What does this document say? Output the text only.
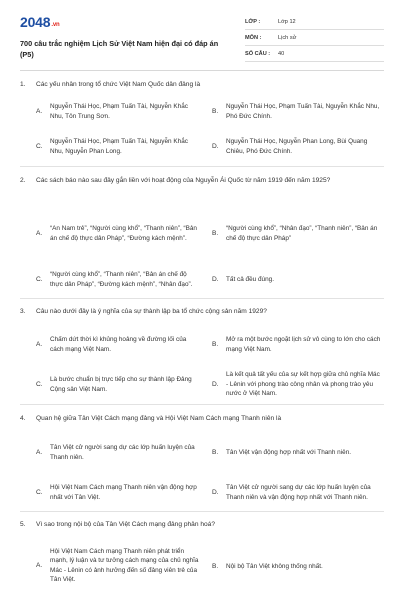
2048.vn
700 câu trắc nghiệm Lịch Sử Việt Nam hiện đại có đáp án (P5)
LỚP :	Lớp 12
MÔN :	Lịch sử
SỐ CÂU :	40
1.	Các yếu nhân trong tổ chức Việt Nam Quốc dân đảng là
A.
Nguyễn Thái Học, Phạm Tuấn Tài, Nguyễn Khắc Nhu, Tôn Trung Sơn.
B.
Nguyễn Thái Học, Phạm Tuấn Tài, Nguyễn Khắc Nhu, Phó Đức Chính.
C.
Nguyễn Thái Học, Phạm Tuấn Tài, Nguyễn Khắc Nhu, Nguyễn Phan Long.
D.
Nguyễn Thái Học, Nguyễn Phan Long, Bùi Quang Chiêu, Phó Đức Chính.
2.	Các sách báo nào sau đây gắn liền với hoạt động của Nguyễn Ái Quốc từ năm 1919 đến năm 1925?
A.
“An Nam trẻ”, “Người cùng khổ”, “Thanh niên”, “Bản án chế độ thực dân Pháp”, “Đường kách mệnh”.
B.
“Người cùng khổ”, “Nhân đạo”, “Thanh niên”, “Bản án chế độ thực dân Pháp”
C.
“Người cùng khổ”, “Thanh niên”, “Bản án chế độ thực dân Pháp”, “Đường kách mệnh”, “Nhân đạo”.
D.	Tất cả đều đúng.
3.	Câu nào dưới đây là ý nghĩa của sự thành lập ba tổ chức cộng sản năm 1929?
A.
Chấm dứt thời kì khủng hoảng về đường lối của cách mạng Việt Nam.
B.
Mở ra một bước ngoặt lịch sử vô cùng to lớn cho cách mạng Việt Nam.
C.
Là bước chuẩn bị trực tiếp cho sự thành lập Đảng Cộng sản Việt Nam.
D.
Là kết quả tất yếu của sự kết hợp giữa chủ nghĩa Mác - Lênin với phong trào công nhân và phong trào yêu nước ở Việt Nam.
4.	Quan hệ giữa Tân Việt Cách mạng đảng và Hội Việt Nam Cách mạng Thanh niên là
A.
Tân Việt cử người sang dự các lớp huấn luyện của Thanh niên.
B.	Tân Việt vận động hợp nhất với Thanh niên.
C.
Hội Việt Nam Cách mạng Thanh niên vận động hợp nhất với Tân Việt.
D.
Tân Việt cử người sang dự các lớp huấn luyện của Thanh niên và vận động hợp nhất với Thanh niên.
5.	Vì sao trong nội bộ của Tân Việt Cách mạng đảng phân hoá?
A.
Hội Việt Nam Cách mạng Thanh niên phát triển mạnh, lý luận và tư tưởng cách mạng của chủ nghĩa Mác - Lênin có ảnh hưởng đến số đảng viên trẻ của Tân Việt.
B.	Nội bộ Tân Việt không thống nhất.
